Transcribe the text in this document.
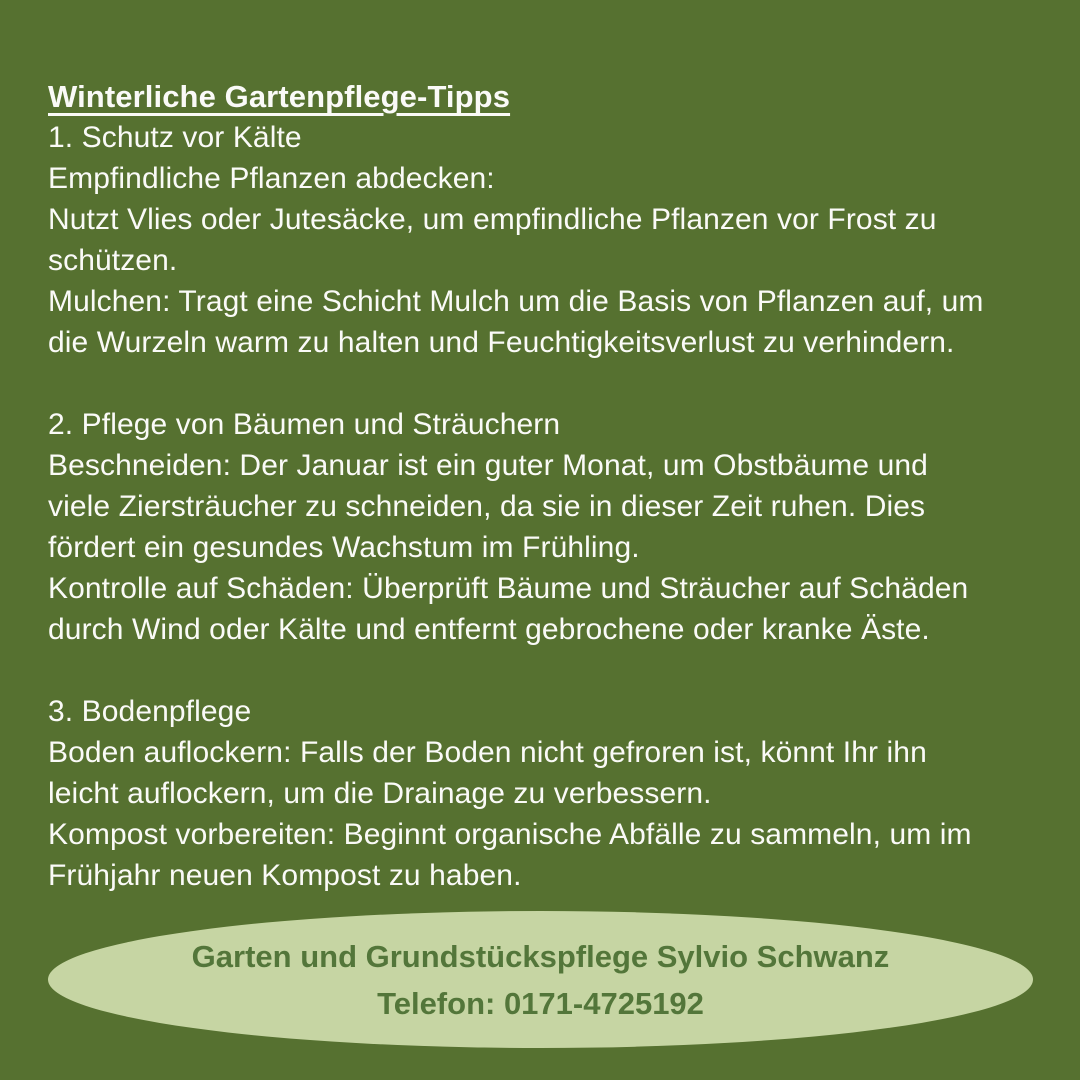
Winterliche Gartenpflege-Tipps
1. Schutz vor Kälte
Empfindliche Pflanzen abdecken:
Nutzt Vlies oder Jutesäcke, um empfindliche Pflanzen vor Frost zu
schützen.
Mulchen: Tragt eine Schicht Mulch um die Basis von Pflanzen auf, um
die Wurzeln warm zu halten und Feuchtigkeitsverlust zu verhindern.
2. Pflege von Bäumen und Sträuchern
Beschneiden: Der Januar ist ein guter Monat, um Obstbäume und
viele Ziersträucher zu schneiden, da sie in dieser Zeit ruhen. Dies
fördert ein gesundes Wachstum im Frühling.
Kontrolle auf Schäden: Überprüft Bäume und Sträucher auf Schäden
durch Wind oder Kälte und entfernt gebrochene oder kranke Äste.
3. Bodenpflege
Boden auflockern: Falls der Boden nicht gefroren ist, könnt Ihr ihn
leicht auflockern, um die Drainage zu verbessern.
Kompost vorbereiten: Beginnt organische Abfälle zu sammeln, um im
Frühjahr neuen Kompost zu haben.
Garten und Grundstückspflege Sylvio Schwanz
Telefon: 0171-4725192
